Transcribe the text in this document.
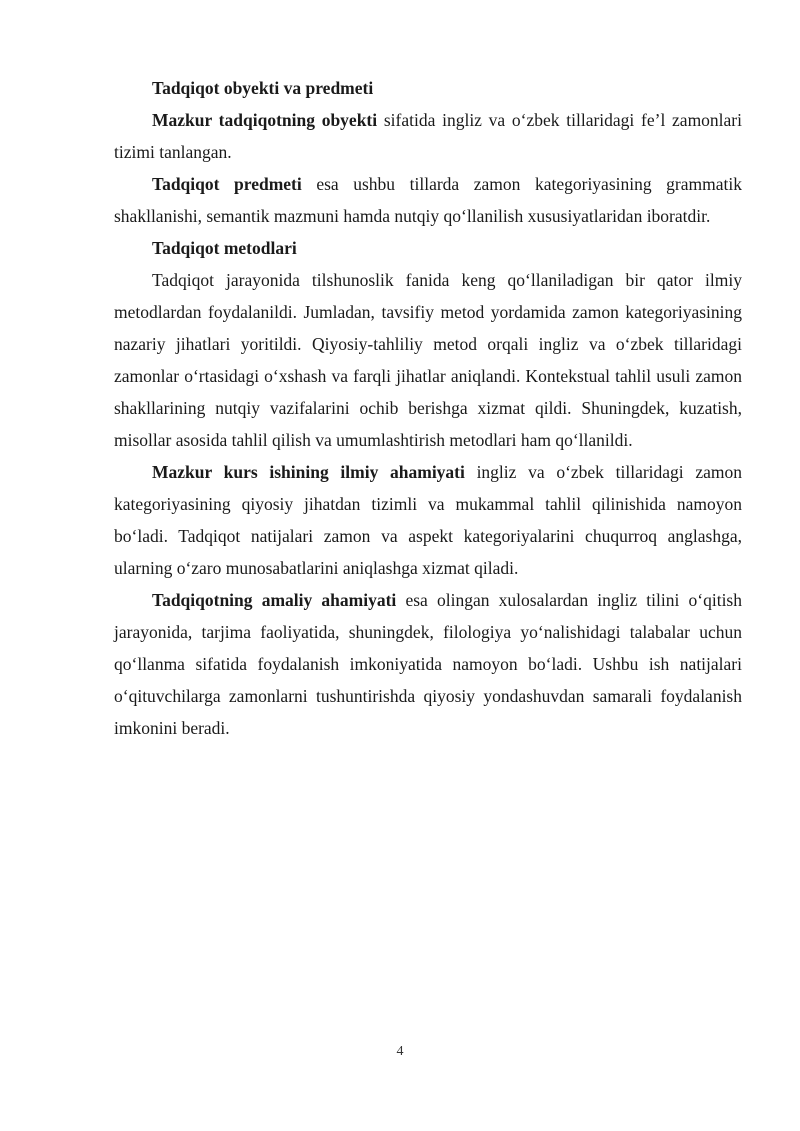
Tadqiqot obyekti va predmeti

Mazkur tadqiqotning obyekti sifatida ingliz va o‘zbek tillaridagi fe’l zamonlari tizimi tanlangan.

Tadqiqot predmeti esa ushbu tillarda zamon kategoriyasining grammatik shakllanishi, semantik mazmuni hamda nutqiy qo‘llanilish xususiyatlaridan iboratdir.

Tadqiqot metodlari

Tadqiqot jarayonida tilshunoslik fanida keng qo‘llaniladigan bir qator ilmiy metodlardan foydalanildi. Jumladan, tavsifiy metod yordamida zamon kategoriyasining nazariy jihatlari yoritildi. Qiyosiy-tahliliy metod orqali ingliz va o‘zbek tillaridagi zamonlar o‘rtasidagi o‘xshash va farqli jihatlar aniqlandi. Kontekstual tahlil usuli zamon shakllarining nutqiy vazifalarini ochib berishga xizmat qildi. Shuningdek, kuzatish, misollar asosida tahlil qilish va umumlashtirish metodlari ham qo‘llanildi.

Mazkur kurs ishining ilmiy ahamiyati ingliz va o‘zbek tillaridagi zamon kategoriyasining qiyosiy jihatdan tizimli va mukammal tahlil qilinishida namoyon bo‘ladi. Tadqiqot natijalari zamon va aspekt kategoriyalarini chuqurroq anglashga, ularning o‘zaro munosabatlarini aniqlashga xizmat qiladi.

Tadqiqotning amaliy ahamiyati esa olingan xulosalardan ingliz tilini o‘qitish jarayonida, tarjima faoliyatida, shuningdek, filologiya yo‘nalishidagi talabalar uchun qo‘llanma sifatida foydalanish imkoniyatida namoyon bo‘ladi. Ushbu ish natijalari o‘qituvchilarga zamonlarni tushuntirishda qiyosiy yondashuvdan samarali foydalanish imkonini beradi.

4
